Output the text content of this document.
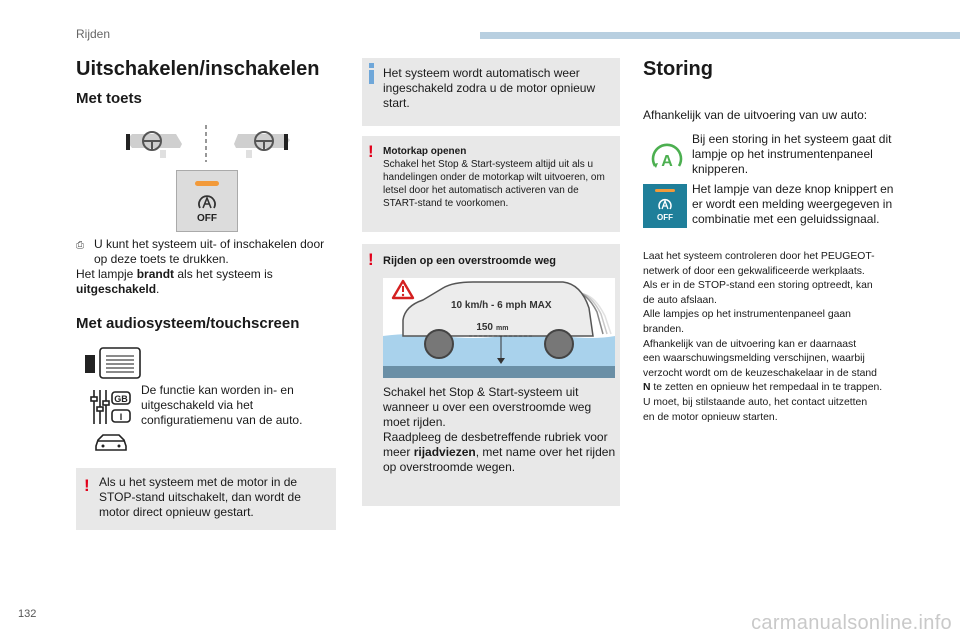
Rijden
Uitschakelen/inschakelen
Met toets
OFF
⎙ U kunt het systeem uit- of inschakelen door op deze toets te drukken.
Het lampje brandt als het systeem is uitgeschakeld.
Met audiosysteem/touchscreen
GB
I
De functie kan worden in- en uitgeschakeld via het configuratiemenu van de auto.
! Als u het systeem met de motor in de STOP-stand uitschakelt, dan wordt de motor direct opnieuw gestart.
Het systeem wordt automatisch weer ingeschakeld zodra u de motor opnieuw start.
! Motorkap openen
Schakel het Stop & Start-systeem altijd uit als u handelingen onder de motorkap wilt uitvoeren, om letsel door het automatisch activeren van de START-stand te voorkomen.
! Rijden op een overstroomde weg
10 km/h - 6 mph MAX
150 mm
Schakel het Stop & Start-systeem uit wanneer u over een overstroomde weg moet rijden.
Raadpleeg de desbetreffende rubriek voor meer rijadviezen, met name over het rijden op overstroomde wegen.
Storing
Afhankelijk van de uitvoering van uw auto:
A
Bij een storing in het systeem gaat dit lampje op het instrumentenpaneel knipperen.
OFF
Het lampje van deze knop knippert en er wordt een melding weergegeven in combinatie met een geluidssignaal.
Laat het systeem controleren door het PEUGEOT-
netwerk of door een gekwalificeerde werkplaats.
Als er in de STOP-stand een storing optreedt, kan
de auto afslaan.
Alle lampjes op het instrumentenpaneel gaan
branden.
Afhankelijk van de uitvoering kan er daarnaast
een waarschuwingsmelding verschijnen, waarbij
verzocht wordt om de keuzeschakelaar in de stand
N te zetten en opnieuw het rempedaal in te trappen.
U moet, bij stilstaande auto, het contact uitzetten
en de motor opnieuw starten.
132	carmanualsonline.info
